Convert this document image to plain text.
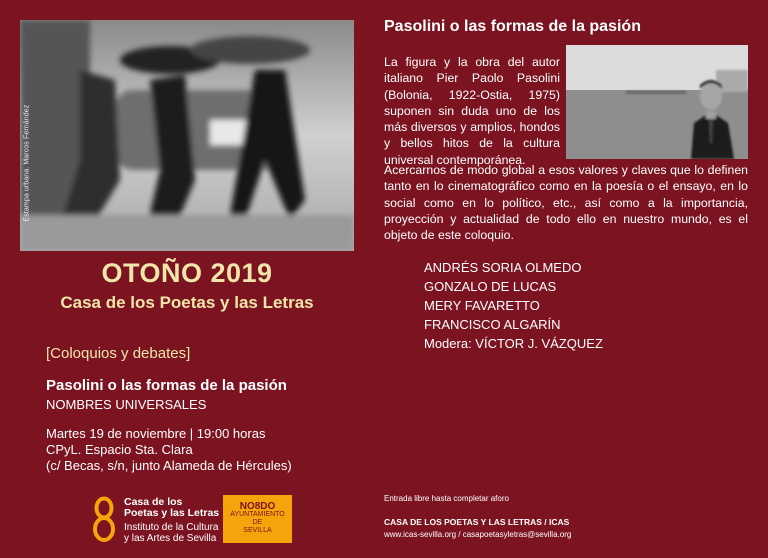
Estampa urbana. Marcos Fernández
OTOÑO 2019
Casa de los Poetas y las Letras
[Coloquios y debates]
Pasolini o las formas de la pasión
NOMBRES UNIVERSALES
Martes 19 de noviembre | 19:00 horas
CPyL. Espacio Sta. Clara
(c/ Becas, s/n, junto Alameda de Hércules)
Casa de los
Poetas y las Letras
Instituto de la Cultura
y las Artes de Sevilla
NO8DO
AYUNTAMIENTO
DE
SEVILLA
Pasolini o las formas de la pasión
La figura y la obra del autor italiano Pier Paolo Pasolini (Bolonia, 1922-Ostia, 1975) suponen sin duda uno de los más diversos y amplios, hondos y bellos hitos de la cultura universal contemporánea.
Acercarnos de modo global a esos valores y claves que lo definen tanto en lo cinematográfico como en la poesía o el ensayo, en lo social como en lo político, etc., así como a la importancia, proyección y actualidad de todo ello en nuestro mundo, es el objeto de este coloquio.
ANDRÉS SORIA OLMEDO
GONZALO DE LUCAS
MERY FAVARETTO
FRANCISCO ALGARÍN
Modera: VÍCTOR J. VÁZQUEZ
Entrada libre hasta completar aforo
CASA DE LOS POETAS Y LAS LETRAS / ICAS
www.icas-sevilla.org / casapoetasyletras@sevilla.org
